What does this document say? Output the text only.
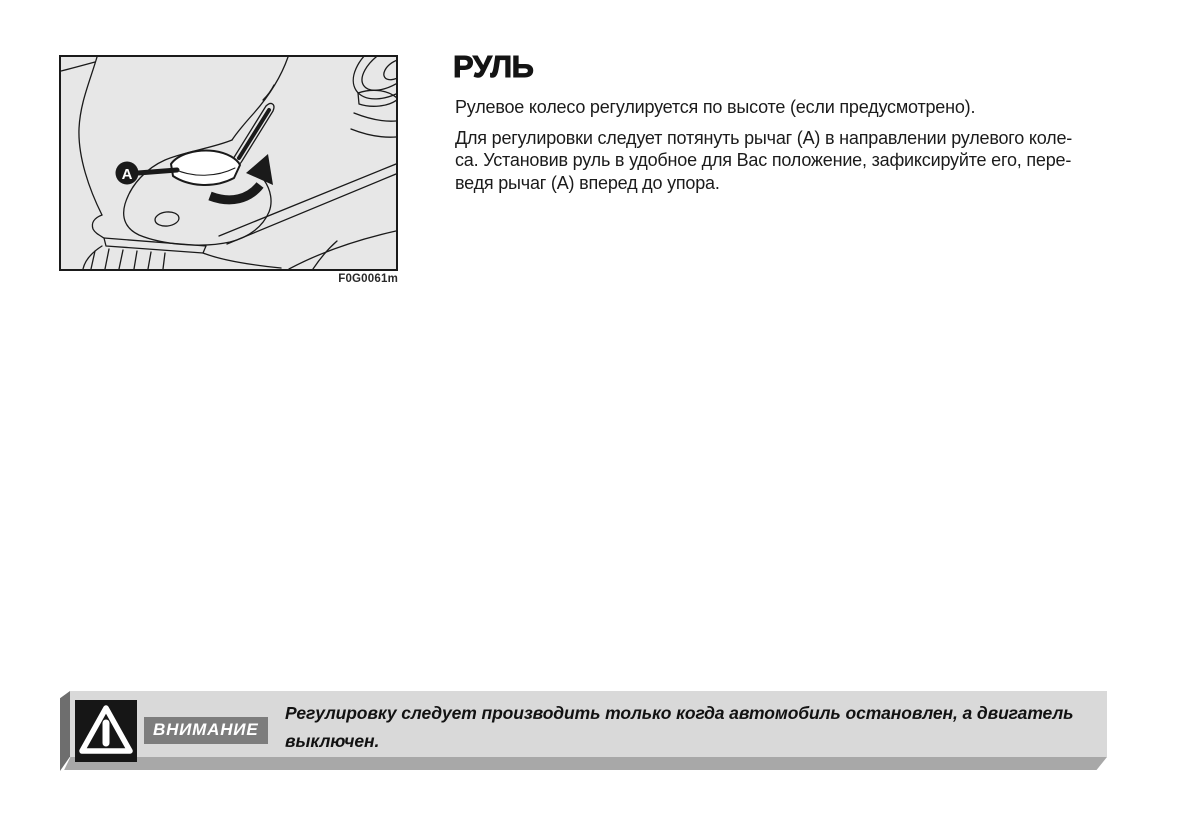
A
F0G0061m
РУЛЬ

Рулевое колесо регулируется по высоте (если предусмотрено).

Для регулировки следует потянуть рычаг (А) в направлении рулевого коле-
са. Установив руль в удобное для Вас положение, зафиксируйте его, пере-
ведя рычаг (А) вперед до упора.

ВНИМАНИЕ
Регулировку следует производить только когда автомобиль остановлен, а двигатель
выключен.
